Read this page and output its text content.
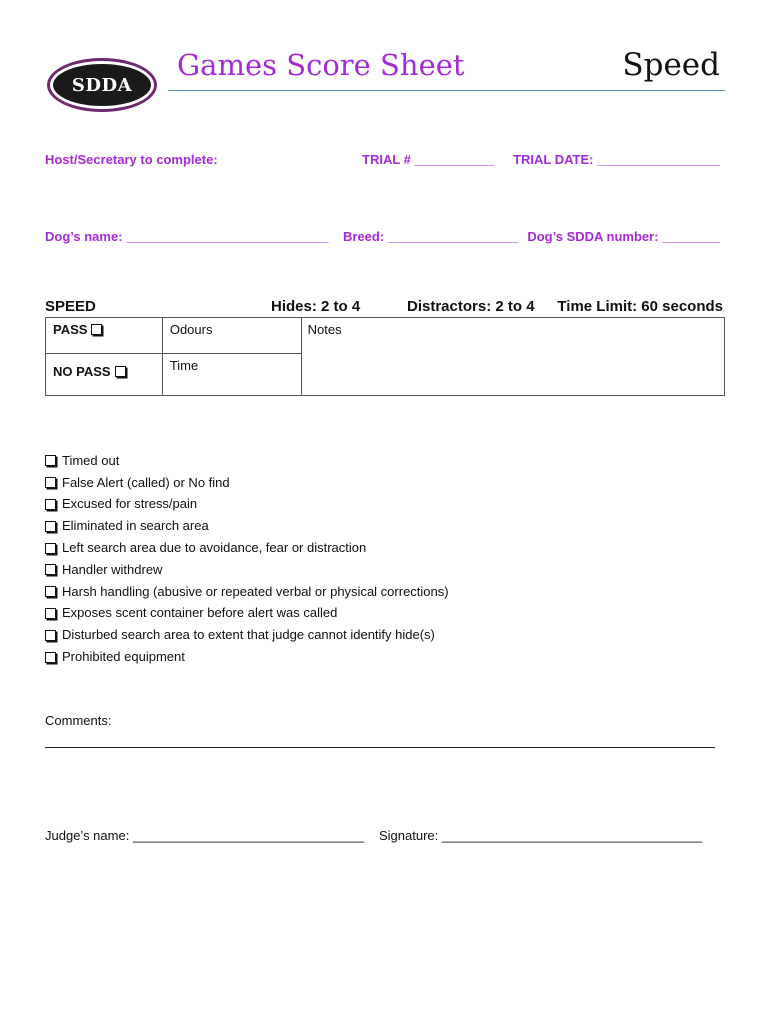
SDDA
Games Score Sheet	Speed
Host/Secretary to complete:	TRIAL # ___________ TRIAL DATE: _________________
Dog’s name: ____________________________ Breed: __________________ Dog’s SDDA number: ________
SPEED	Hides: 2 to 4	Distractors: 2 to 4 Time Limit: 60 seconds
PASS	Odours	Notes

NO PASS	Time	
Timed out
False Alert (called) or No find
Excused for stress/pain
Eliminated in search area
Left search area due to avoidance, fear or distraction
Handler withdrew
Harsh handling (abusive or repeated verbal or physical corrections)
Exposes scent container before alert was called
Disturbed search area to extent that judge cannot identify hide(s)
Prohibited equipment
Comments:
Judge’s name: ________________________________ Signature: ____________________________________
